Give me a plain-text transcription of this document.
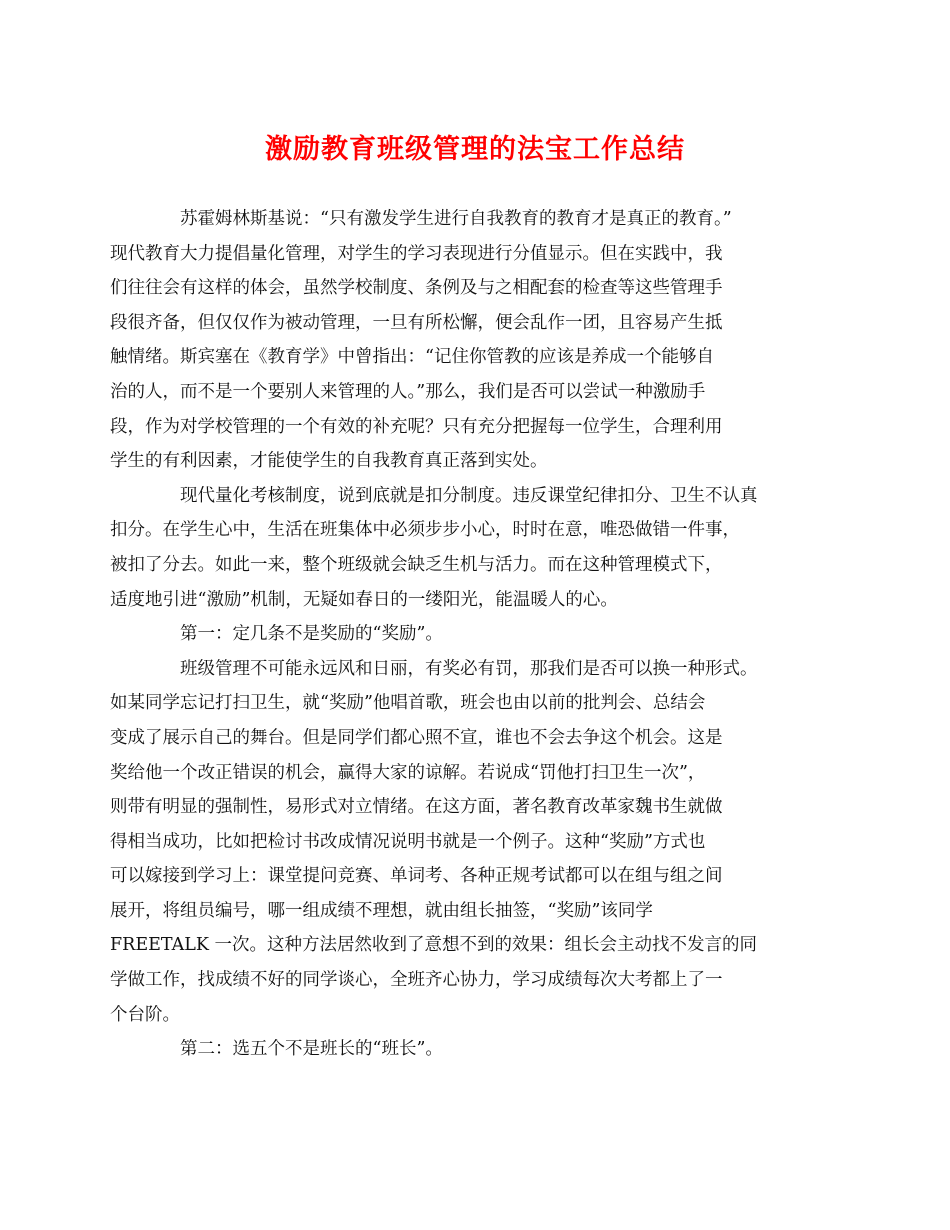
激励教育班级管理的法宝工作总结

苏霍姆林斯基说：“只有激发学生进行自我教育的教育才是真正的教育。”
现代教育大力提倡量化管理，对学生的学习表现进行分值显示。但在实践中，我
们往往会有这样的体会，虽然学校制度、条例及与之相配套的检查等这些管理手
段很齐备，但仅仅作为被动管理，一旦有所松懈，便会乱作一团，且容易产生抵
触情绪。斯宾塞在《教育学》中曾指出：“记住你管教的应该是养成一个能够自
治的人，而不是一个要别人来管理的人。”那么，我们是否可以尝试一种激励手
段，作为对学校管理的一个有效的补充呢？只有充分把握每一位学生，合理利用
学生的有利因素，才能使学生的自我教育真正落到实处。

现代量化考核制度，说到底就是扣分制度。违反课堂纪律扣分、卫生不认真
扣分。在学生心中，生活在班集体中必须步步小心，时时在意，唯恐做错一件事，
被扣了分去。如此一来，整个班级就会缺乏生机与活力。而在这种管理模式下，
适度地引进“激励”机制，无疑如春日的一缕阳光，能温暖人的心。

第一：定几条不是奖励的“奖励”。

班级管理不可能永远风和日丽，有奖必有罚，那我们是否可以换一种形式。
如某同学忘记打扫卫生，就“奖励”他唱首歌，班会也由以前的批判会、总结会
变成了展示自己的舞台。但是同学们都心照不宣，谁也不会去争这个机会。这是
奖给他一个改正错误的机会，赢得大家的谅解。若说成“罚他打扫卫生一次”，
则带有明显的强制性，易形式对立情绪。在这方面，著名教育改革家魏书生就做
得相当成功，比如把检讨书改成情况说明书就是一个例子。这种“奖励”方式也
可以嫁接到学习上：课堂提问竞赛、单词考、各种正规考试都可以在组与组之间
展开，将组员编号，哪一组成绩不理想，就由组长抽签，“奖励”该同学
FREETALK 一次。这种方法居然收到了意想不到的效果：组长会主动找不发言的同
学做工作，找成绩不好的同学谈心，全班齐心协力，学习成绩每次大考都上了一
个台阶。

第二：选五个不是班长的“班长”。
